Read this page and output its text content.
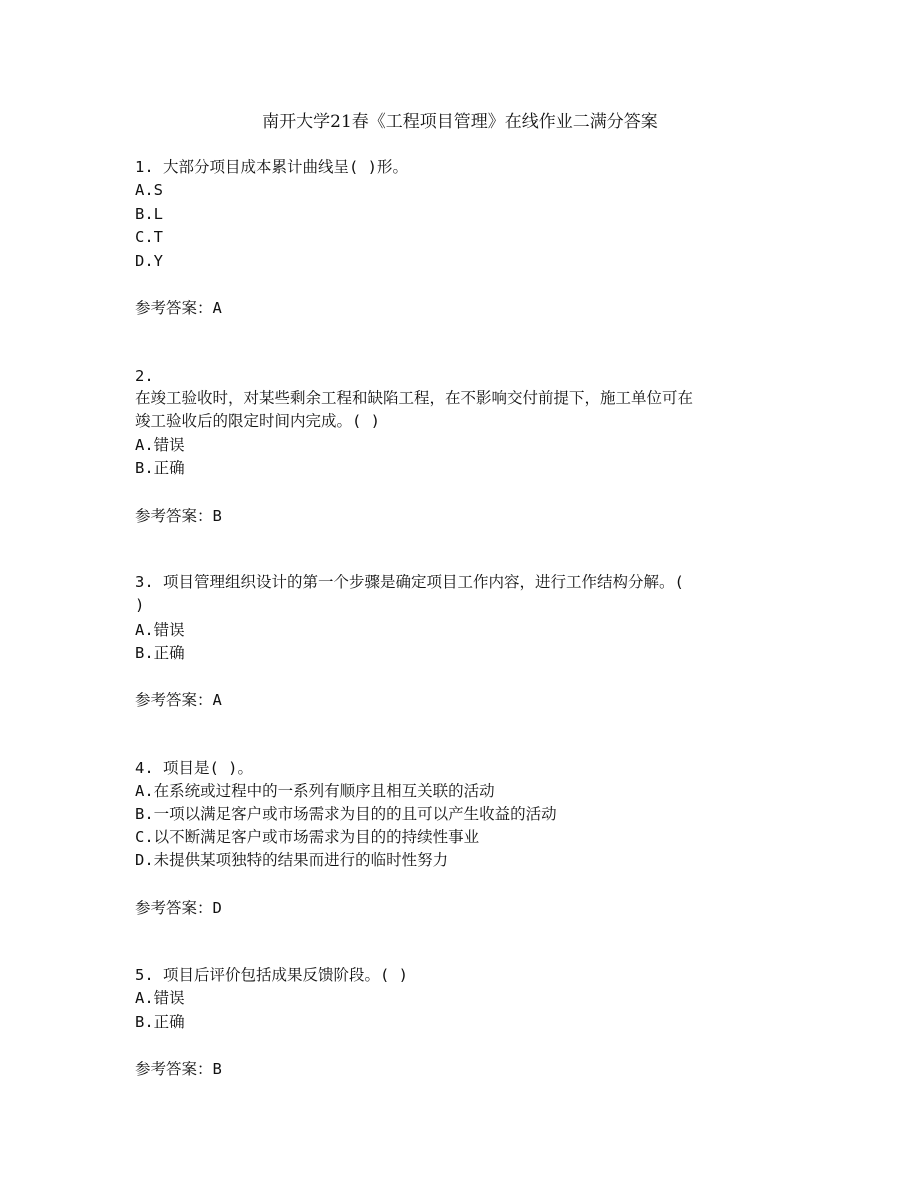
南开大学21春《工程项目管理》在线作业二满分答案
1. 大部分项目成本累计曲线呈( )形。
A.S
B.L
C.T
D.Y
参考答案：A
2.
在竣工验收时，对某些剩余工程和缺陷工程，在不影响交付前提下，施工单位可在
竣工验收后的限定时间内完成。( )
A.错误
B.正确
参考答案：B
3. 项目管理组织设计的第一个步骤是确定项目工作内容，进行工作结构分解。(
)
A.错误
B.正确
参考答案：A
4. 项目是( )。
A.在系统或过程中的一系列有顺序且相互关联的活动
B.一项以满足客户或市场需求为目的的且可以产生收益的活动
C.以不断满足客户或市场需求为目的的持续性事业
D.未提供某项独特的结果而进行的临时性努力
参考答案：D
5. 项目后评价包括成果反馈阶段。( )
A.错误
B.正确
参考答案：B
